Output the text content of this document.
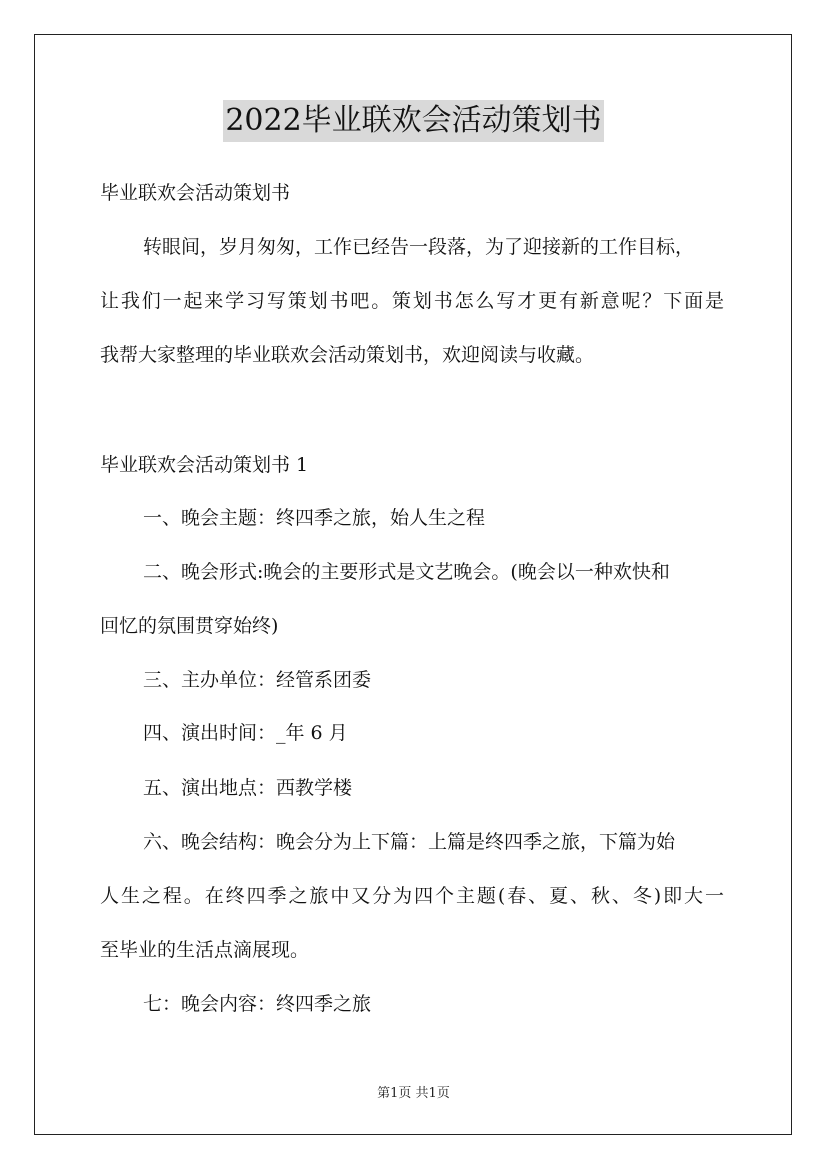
2022毕业联欢会活动策划书
毕业联欢会活动策划书
转眼间，岁月匆匆，工作已经告一段落，为了迎接新的工作目标，
让我们一起来学习写策划书吧。策划书怎么写才更有新意呢？下面是
我帮大家整理的毕业联欢会活动策划书，欢迎阅读与收藏。
毕业联欢会活动策划书 1
一、晚会主题：终四季之旅，始人生之程
二、晚会形式:晚会的主要形式是文艺晚会。(晚会以一种欢快和
回忆的氛围贯穿始终)
三、主办单位：经管系团委
四、演出时间：_年 6 月
五、演出地点：西教学楼
六、晚会结构：晚会分为上下篇：上篇是终四季之旅，下篇为始
人生之程。在终四季之旅中又分为四个主题(春、夏、秋、冬)即大一
至毕业的生活点滴展现。
七：晚会内容：终四季之旅
第1页 共1页
